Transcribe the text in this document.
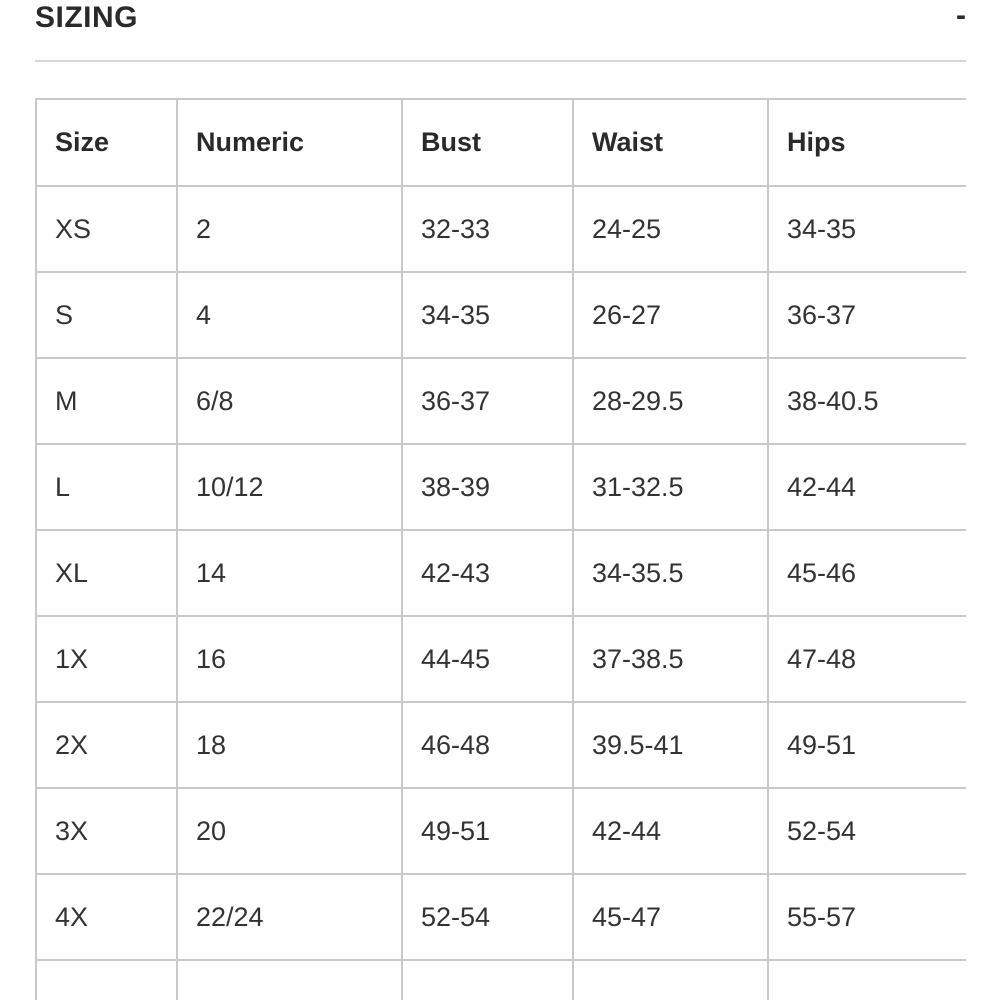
SIZING	-
Size	Numeric	Bust	Waist	Hips
XS	2	32-33	24-25	34-35
S	4	34-35	26-27	36-37
M	6/8	36-37	28-29.5	38-40.5
L	10/12	38-39	31-32.5	42-44
XL	14	42-43	34-35.5	45-46
1X	16	44-45	37-38.5	47-48
2X	18	46-48	39.5-41	49-51
3X	20	49-51	42-44	52-54
4X	22/24	52-54	45-47	55-57
